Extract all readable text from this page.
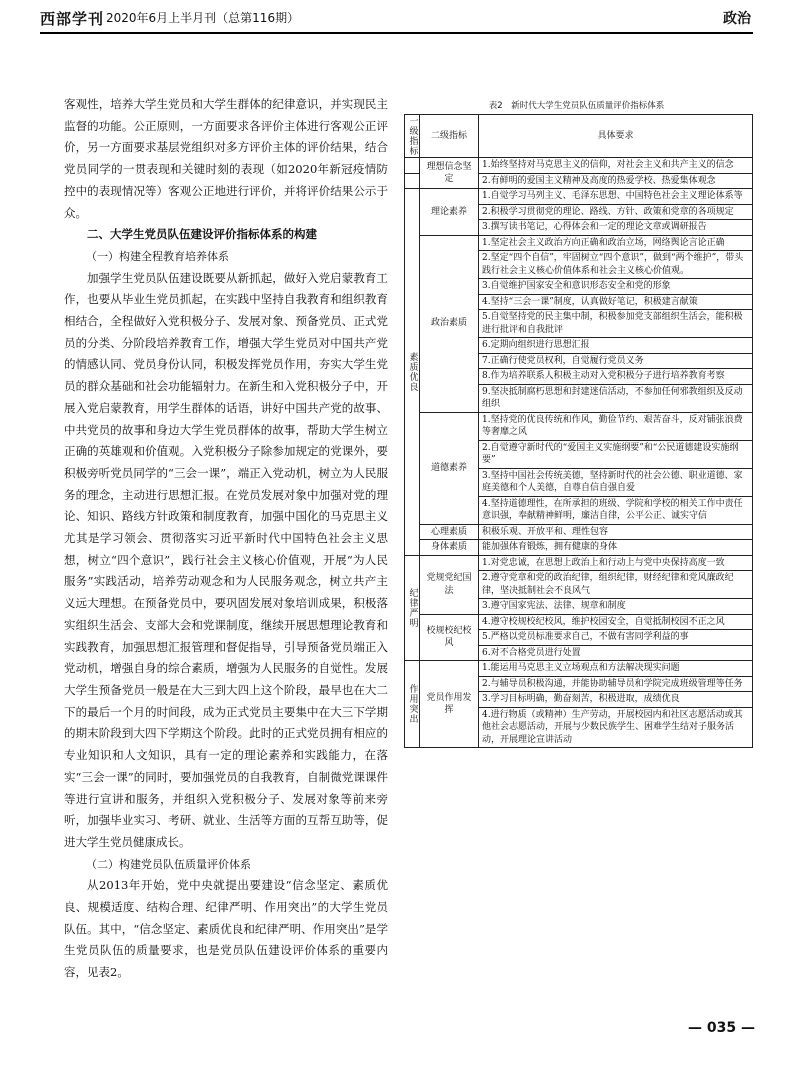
西部学刊 2020年6月上半月刊（总第116期）	政治

客观性，培养大学生党员和大学生群体的纪律意识，并实现民主监督的功能。公正原则，一方面要求各评价主体进行客观公正评价，另一方面要求基层党组织对多方评价主体的评价结果，结合党员同学的一贯表现和关键时刻的表现（如2020年新冠疫情防控中的表现情况等）客观公正地进行评价，并将评价结果公示于众。

二、大学生党员队伍建设评价指标体系的构建

（一）构建全程教育培养体系

加强学生党员队伍建设既要从新抓起，做好入党启蒙教育工作，也要从毕业生党员抓起，在实践中坚持自我教育和组织教育相结合，全程做好入党积极分子、发展对象、预备党员、正式党员的分类、分阶段培养教育工作，增强大学生党员对中国共产党的情感认同、党员身份认同，积极发挥党员作用，夯实大学生党员的群众基础和社会功能辐射力。在新生和入党积极分子中，开展入党启蒙教育，用学生群体的话语，讲好中国共产党的故事、中共党员的故事和身边大学生党员群体的故事，帮助大学生树立正确的英雄观和价值观。入党积极分子除参加规定的党课外，要积极旁听党员同学的“三会一课”，端正入党动机，树立为人民服务的理念，主动进行思想汇报。在党员发展对象中加强对党的理论、知识、路线方针政策和制度教育，加强中国化的马克思主义尤其是学习领会、贯彻落实习近平新时代中国特色社会主义思想，树立“四个意识”，践行社会主义核心价值观，开展“为人民服务”实践活动，培养劳动观念和为人民服务观念，树立共产主义远大理想。在预备党员中，要巩固发展对象培训成果，积极落实组织生活会、支部大会和党课制度，继续开展思想理论教育和实践教育，加强思想汇报管理和督促指导，引导预备党员端正入党动机，增强自身的综合素质，增强为人民服务的自觉性。发展大学生预备党员一般是在大三到大四上这个阶段，最早也在大二下的最后一个月的时间段，成为正式党员主要集中在大三下学期的期末阶段到大四下学期这个阶段。此时的正式党员拥有相应的专业知识和人文知识，具有一定的理论素养和实践能力，在落实“三会一课”的同时，要加强党员的自我教育，自制微党课课件等进行宣讲和服务，并组织入党积极分子、发展对象等前来旁听，加强毕业实习、考研、就业、生活等方面的互帮互助等，促进大学生党员健康成长。

（二）构建党员队伍质量评价体系

从2013年开始，党中央就提出要建设“信念坚定、素质优良、规模适度、结构合理、纪律严明、作用突出”的大学生党员队伍。其中，“信念坚定、素质优良和纪律严明、作用突出”是学生党员队伍的质量要求，也是党员队伍建设评价体系的重要内容，见表2。

表2　新时代大学生党员队伍质量评价指标体系
一级指标	二级指标	具体要求
	理想信念坚定	1.始终坚持对马克思主义的信仰，对社会主义和共产主义的信念
		2.有鲜明的爱国主义精神及高度的热爱学校、热爱集体观念

素质优良	理论素养	1.自觉学习马列主义、毛泽东思想、中国特色社会主义理论体系等
		2.积极学习贯彻党的理论、路线、方针、政策和党章的各项规定
		3.撰写读书笔记，心得体会和一定的理论文章或调研报告
	政治素质	1.坚定社会主义政治方向正确和政治立场，网络舆论言论正确
		2.坚定“四个自信”，牢固树立“四个意识”，做到“两个维护”，带头践行社会主义核心价值体系和社会主义核心价值观。
		3.自觉维护国家安全和意识形态安全和党的形象
		4.坚持“三会一课”制度，认真做好笔记，积极建言献策
		5.自觉坚持党的民主集中制，积极参加党支部组织生活会，能积极进行批评和自我批评
		6.定期向组织进行思想汇报
		7.正确行使党员权利，自觉履行党员义务
		8.作为培养联系人积极主动对入党积极分子进行培养教育考察
		9.坚决抵制腐朽思想和封建迷信活动，不参加任何邪教组织及反动组织
	道德素养	1.坚持党的优良传统和作风，勤俭节约、艰苦奋斗，反对铺张浪费等奢靡之风
		2.自觉遵守新时代的“爱国主义实施纲要”和“公民道德建设实施纲要”
		3.坚持中国社会传统美德，坚持新时代的社会公德、职业道德、家庭美德和个人美德，自尊自信自强自爱
		4.坚持道德理性，在所承担的班级、学院和学校的相关工作中责任意识强，奉献精神鲜明，廉洁自律，公平公正、诚实守信
	心理素质	积极乐观、开放平和、理性包容
	身体素质	能加强体育锻炼，拥有健康的身体

纪律严明	党规党纪国法	1.对党忠诚，在思想上政治上和行动上与党中央保持高度一致
		2.遵守党章和党的政治纪律，组织纪律，财经纪律和党风廉政纪律，坚决抵制社会不良风气
		3.遵守国家宪法、法律、规章和制度
	校规校纪校风	4.遵守校规校纪校风，维护校园安全，自觉抵制校园不正之风
		5.严格以党员标准要求自己，不做有害同学利益的事
		6.对不合格党员进行处置

作用突出	党员作用发挥	1.能运用马克思主义立场观点和方法解决现实问题
		2.与辅导员积极沟通，并能协助辅导员和学院完成班级管理等任务
		3.学习目标明确，勤奋刻苦，积极进取，成绩优良
		4.进行物质（或精神）生产劳动，开展校园内和社区志愿活动或其他社会志愿活动，开展与少数民族学生、困难学生结对子服务活动，开展理论宣讲活动
— 035 —
